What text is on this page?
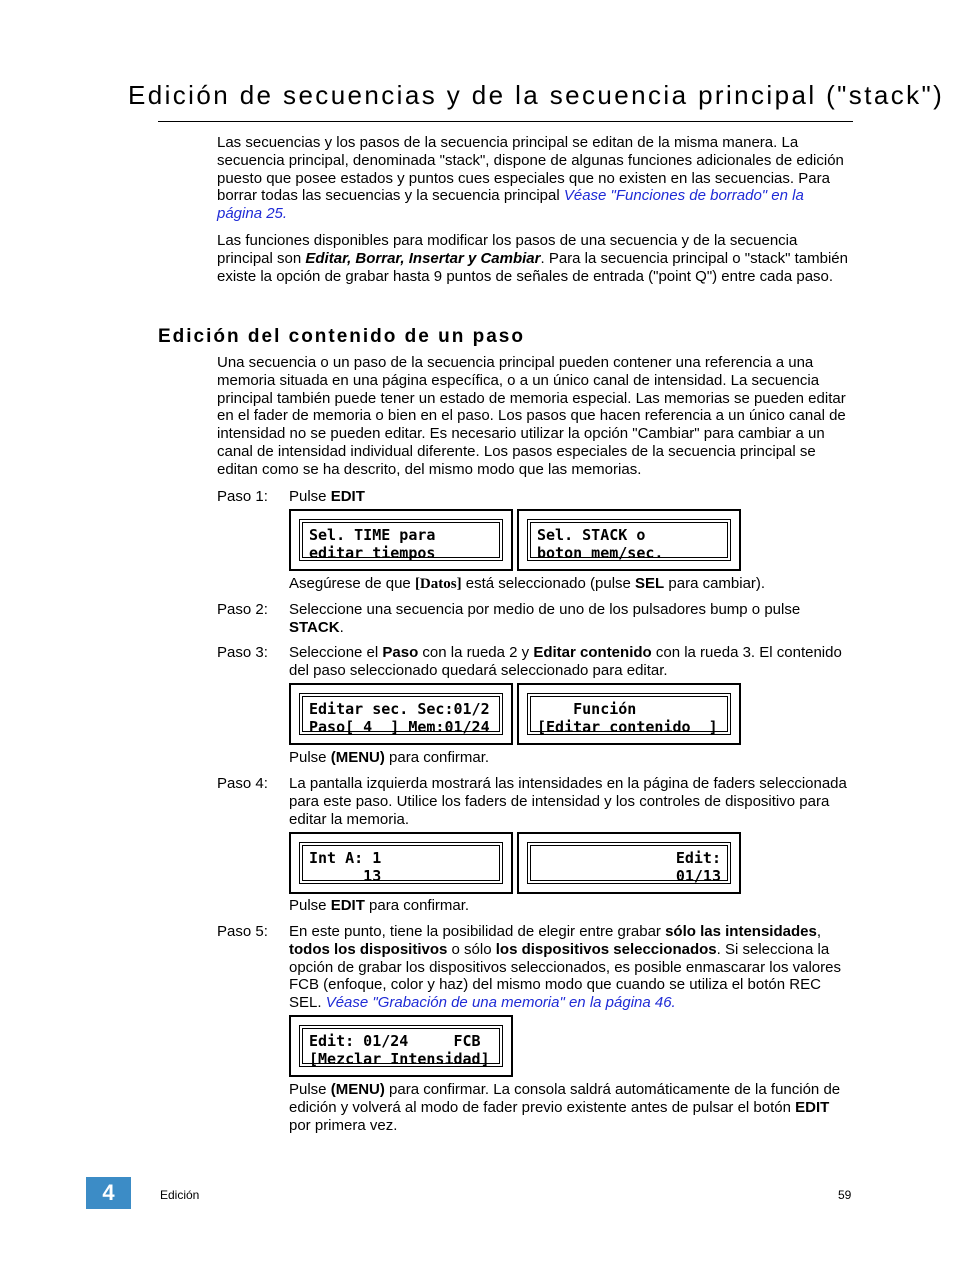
Edición de secuencias y de la secuencia principal ("stack")
Las secuencias y los pasos de la secuencia principal se editan de la misma manera. La secuencia principal, denominada "stack", dispone de algunas funciones adicionales de edición puesto que posee estados y puntos cues especiales que no existen en las secuencias. Para borrar todas las secuencias y la secuencia principal Véase "Funciones de borrado" en la página 25.
Las funciones disponibles para modificar los pasos de una secuencia y de la secuencia principal son Editar, Borrar, Insertar y Cambiar. Para la secuencia principal o "stack" también existe la opción de grabar hasta 9 puntos de señales de entrada ("point Q") entre cada paso.
Edición del contenido de un paso
Una secuencia o un paso de la secuencia principal pueden contener una referencia a una memoria situada en una página específica, o a un único canal de intensidad. La secuencia principal también puede tener un estado de memoria especial. Las memorias se pueden editar en el fader de memoria o bien en el paso. Los pasos que hacen referencia a un único canal de intensidad no se pueden editar. Es necesario utilizar la opción "Cambiar" para cambiar a un canal de intensidad individual diferente. Los pasos especiales de la secuencia principal se editan como se ha descrito, del mismo modo que las memorias.
Paso 1: Pulse EDIT
Sel. TIME para
editar tiempos
Sel. STACK o
boton mem/sec.
Asegúrese de que [Datos] está seleccionado (pulse SEL para cambiar).
Paso 2: Seleccione una secuencia por medio de uno de los pulsadores bump o pulse STACK.
Paso 3: Seleccione el Paso con la rueda 2 y Editar contenido con la rueda 3. El contenido del paso seleccionado quedará seleccionado para editar.
Editar sec. Sec:01/2
Paso[ 4  ] Mem:01/24
Función
[Editar contenido  ]
Pulse (MENU) para confirmar.
Paso 4: La pantalla izquierda mostrará las intensidades en la página de faders seleccionada para este paso. Utilice los faders de intensidad y los controles de dispositivo para editar la memoria.
Int A: 1
13
Edit:
01/13
Pulse EDIT para confirmar.
Paso 5: En este punto, tiene la posibilidad de elegir entre grabar sólo las intensidades, todos los dispositivos o sólo los dispositivos seleccionados. Si selecciona la opción de grabar los dispositivos seleccionados, es posible enmascarar los valores FCB (enfoque, color y haz) del mismo modo que cuando se utiliza el botón REC SEL. Véase "Grabación de una memoria" en la página 46.
Edit: 01/24     FCB
[Mezclar Intensidad]
Pulse (MENU) para confirmar. La consola saldrá automáticamente de la función de edición y volverá al modo de fader previo existente antes de pulsar el botón EDIT por primera vez.
4	Edición	59
